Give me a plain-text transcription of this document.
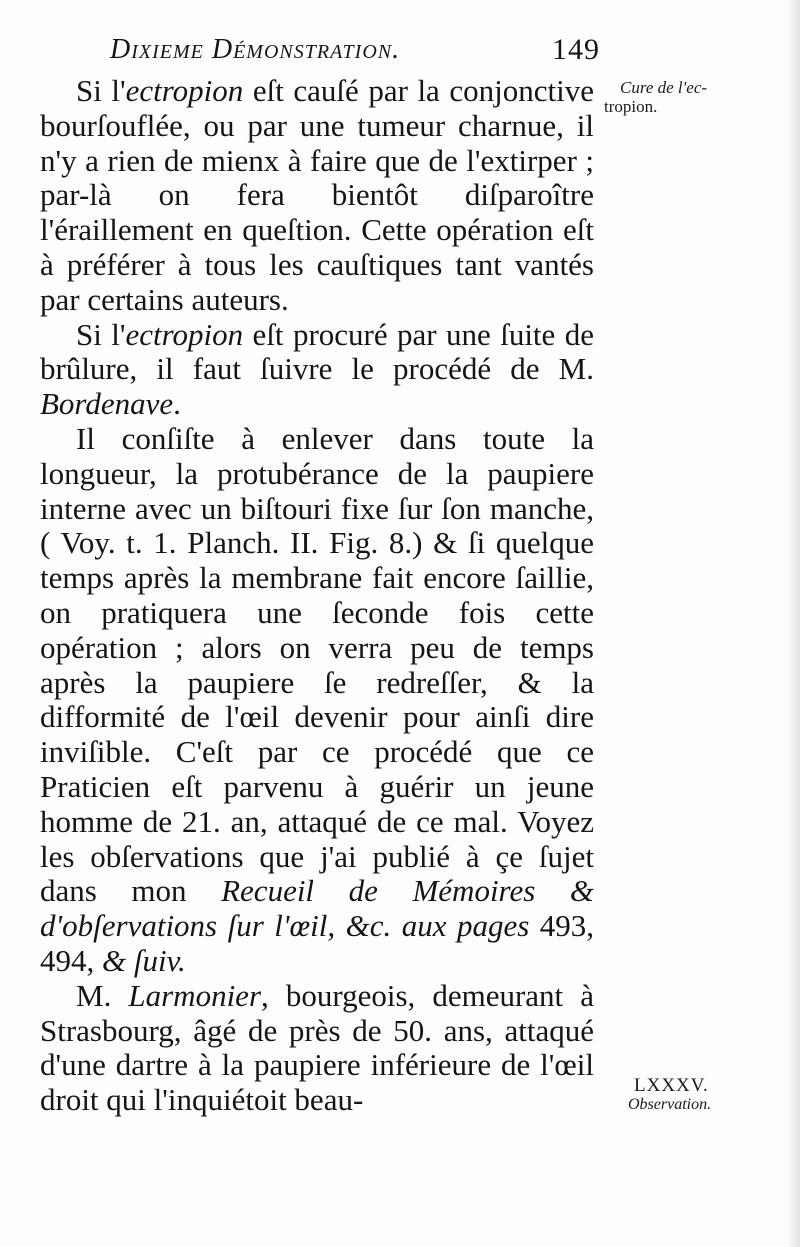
Dixieme Démonstration.	149

Si l'ectropion eſt cauſé par la conjonctive bourſouflée, ou par une tumeur charnue, il n'y a rien de mienx à faire que de l'extirper ; par-là on fera bientôt diſparoître l'éraillement en queſtion. Cette opération eſt à préférer à tous les cauſtiques tant vantés par certains auteurs.

Si l'ectropion eſt procuré par une ſuite de brûlure, il faut ſuivre le procédé de M. Bordenave.

Il conſiſte à enlever dans toute la longueur, la protubérance de la paupiere interne avec un biſtouri fixe ſur ſon manche, ( Voy. t. 1. Planch. II. Fig. 8.) & ſi quelque temps après la membrane fait encore ſaillie, on pratiquera une ſeconde fois cette opération ; alors on verra peu de temps après la paupiere ſe redreſſer, & la difformité de l'œil devenir pour ainſi dire inviſible. C'eſt par ce procédé que ce Praticien eſt parvenu à guérir un jeune homme de 21. an, attaqué de ce mal. Voyez les obſervations que j'ai publié à çe ſujet dans mon Recueil de Mémoires & d'obſervations ſur l'œil, &c. aux pages 493, 494, & ſuiv.

M. Larmonier, bourgeois, demeurant à Strasbourg, âgé de près de 50. ans, attaqué d'une dartre à la paupiere inférieure de l'œil droit qui l'inquiétoit beau-

Cure de l'ec-
tropion.
LXXXV.
Observation.
